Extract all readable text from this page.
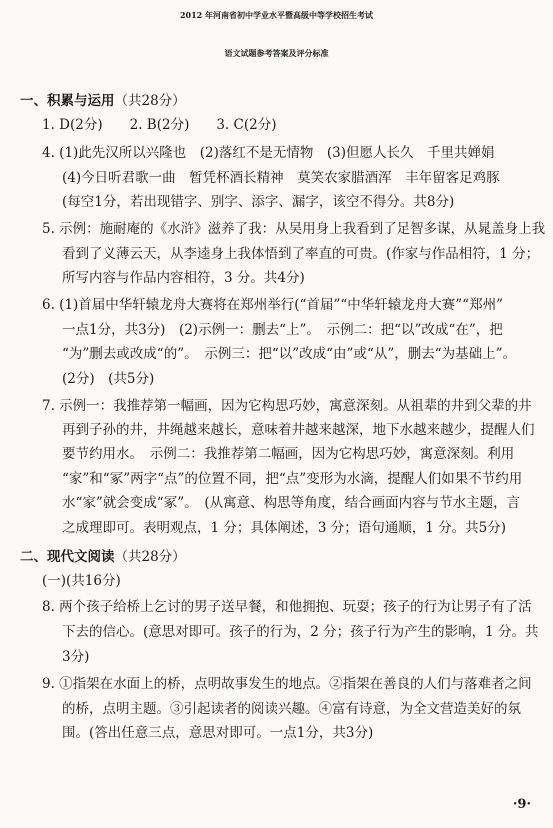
2012 年河南省初中学业水平暨高级中等学校招生考试
语文试题参考答案及评分标准
一、积累与运用（共28分）
1. D(2分)　　2. B(2分)　　3. C(2分)
4. (1)此先汉所以兴隆也　(2)落红不是无情物　(3)但愿人长久　千里共婵娟
(4)今日听君歌一曲　暂凭杯酒长精神　莫笑农家腊酒浑　丰年留客足鸡豚
(每空1分，若出现错字、别字、添字、漏字，该空不得分。共8分)
5. 示例：施耐庵的《水浒》滋养了我：从吴用身上我看到了足智多谋，从晁盖身上我
看到了义薄云天，从李逵身上我体悟到了率直的可贵。(作家与作品相符，1 分；
所写内容与作品内容相符，3 分。共4分)
6. (1)首届中华轩辕龙舟大赛将在郑州举行(“首届”“中华轩辕龙舟大赛”“郑州”
一点1分，共3分)　(2)示例一：删去“上”。　示例二：把“以”改成“在”，把
“为”删去或改成“的”。　示例三：把“以”改成“由”或“从”，删去“为基础上”。
(2分)　(共5分)
7. 示例一：我推荐第一幅画，因为它构思巧妙，寓意深刻。从祖辈的井到父辈的井
再到子孙的井，井绳越来越长，意味着井越来越深，地下水越来越少，提醒人们
要节约用水。　示例二：我推荐第二幅画，因为它构思巧妙，寓意深刻。利用
“家”和“冢”两字“点”的位置不同，把“点”变形为水滴，提醒人们如果不节约用
水“家”就会变成“冢”。　(从寓意、构思等角度，结合画面内容与节水主题，言
之成理即可。表明观点，1 分；具体阐述，3 分；语句通顺，1 分。共5分)
二、现代文阅读（共28分）
(一)(共16分)
8. 两个孩子给桥上乞讨的男子送早餐，和他拥抱、玩耍；孩子的行为让男子有了活
下去的信心。(意思对即可。孩子的行为，2 分；孩子行为产生的影响，1 分。共
3分)
9. ①指架在水面上的桥，点明故事发生的地点。②指架在善良的人们与落难者之间
的桥，点明主题。③引起读者的阅读兴趣。④富有诗意，为全文营造美好的氛
围。(答出任意三点，意思对即可。一点1分，共3分)
·9·
